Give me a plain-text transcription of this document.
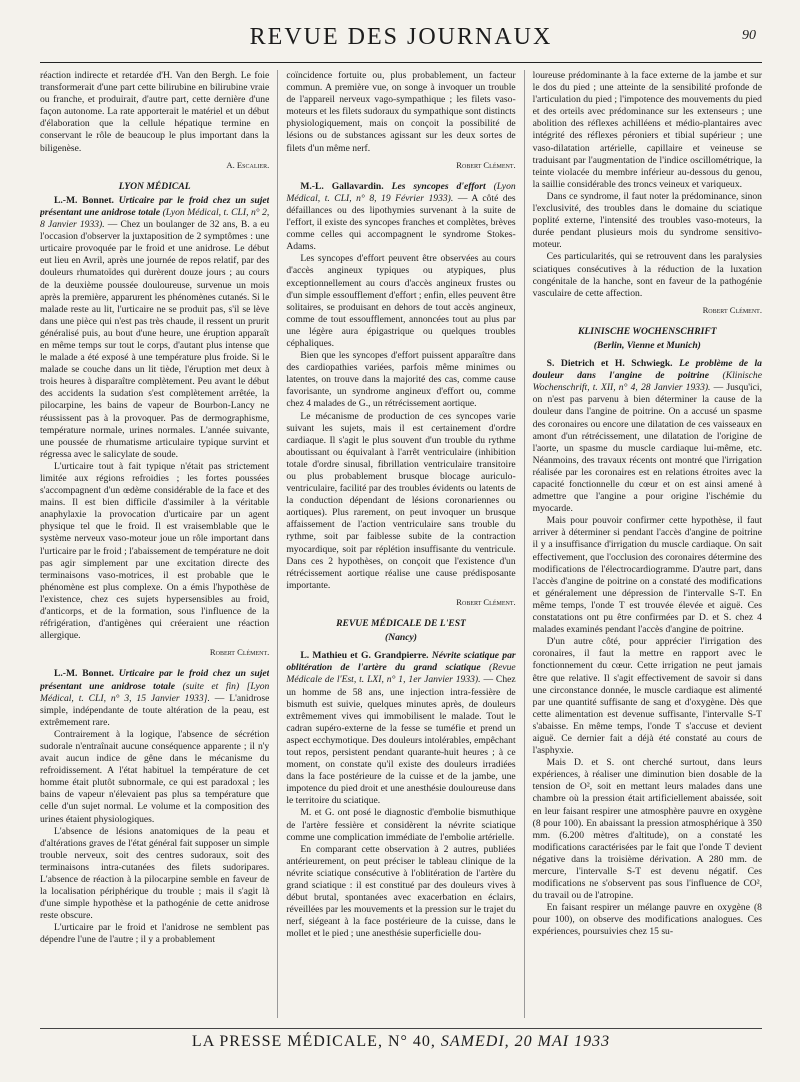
REVUE DES JOURNAUX	90

réaction indirecte et retardée d'H. Van den Bergh. Le foie transformerait d'une part cette bilirubine en bilirubine vraie ou franche, et produirait, d'autre part, cette dernière d'une façon autonome. La rate apporterait le matériel et un début d'élaboration que la cellule hépatique termine en conservant le rôle de beaucoup le plus important dans la biligenèse.

A. Escalier.
LYON MÉDICAL

L.-M. Bonnet. Urticaire par le froid chez un sujet présentant une anidrose totale (Lyon Médical, t. CLI, n° 2, 8 Janvier 1933). — Chez un boulanger de 32 ans, B. a eu l'occasion d'observer la juxtaposition de 2 symptômes : une urticaire provoquée par le froid et une anidrose. Le début eut lieu en Avril, après une journée de repos relatif, par des douleurs rhumatoïdes qui durèrent douze jours ; au cours de la deuxième poussée douloureuse, survenue un mois après la première, apparurent les phénomènes cutanés. Si le malade reste au lit, l'urticaire ne se produit pas, s'il se lève dans une pièce qui n'est pas très chaude, il ressent un prurit généralisé puis, au bout d'une heure, une éruption apparaît en même temps sur tout le corps, d'autant plus intense que le malade a été exposé à une température plus froide. Si le malade se couche dans un lit tiède, l'éruption met deux à trois heures à disparaître complètement. Peu avant le début des accidents la sudation s'est complètement arrêtée, la pilocarpine, les bains de vapeur de Bourbon-Lancy ne réussissent pas à la provoquer. Pas de dermographisme, température normale, urines normales. L'année suivante, une poussée de rhumatisme articulaire typique survint et régressa avec le salicylate de soude.

L'urticaire tout à fait typique n'était pas strictement limitée aux régions refroidies ; les fortes poussées s'accompagnent d'un œdème considérable de la face et des mains. Il est bien difficile d'assimiler à la véritable anaphylaxie la provocation d'urticaire par un agent physique tel que le froid. Il est vraisemblable que le système nerveux vaso-moteur joue un rôle important dans l'urticaire par le froid ; l'abaissement de température ne doit pas agir simplement par une excitation directe des terminaisons vaso-motrices, il est probable que le phénomène est plus complexe. On a émis l'hypothèse de l'existence, chez ces sujets hypersensibles au froid, d'anticorps, et de la formation, sous l'influence de la réfrigération, d'antigènes qui créeraient une réaction allergique.

Robert Clément.

L.-M. Bonnet. Urticaire par le froid chez un sujet présentant une anidrose totale (suite et fin) [Lyon Médical, t. CLI, n° 3, 15 Janvier 1933]. — L'anidrose simple, indépendante de toute altération de la peau, est extrêmement rare.

Contrairement à la logique, l'absence de sécrétion sudorale n'entraînait aucune conséquence apparente ; il n'y avait aucun indice de gêne dans le mécanisme du refroidissement. A l'état habituel la température de cet homme était plutôt subnormale, ce qui est paradoxal ; les bains de vapeur n'élevaient pas plus sa température que celle d'un sujet normal. Le volume et la composition des urines étaient physiologiques.

L'absence de lésions anatomiques de la peau et d'altérations graves de l'état général fait supposer un simple trouble nerveux, soit des centres sudoraux, soit des terminaisons intra-cutanées des filets sudoripares. L'absence de réaction à la pilocarpine semble en faveur de la localisation périphérique du trouble ; mais il s'agit là d'une simple hypothèse et la pathogénie de cette anidrose reste obscure.

L'urticaire par le froid et l'anidrose ne semblent pas dépendre l'une de l'autre ; il y a probablement

coïncidence fortuite ou, plus probablement, un facteur commun. A première vue, on songe à invoquer un trouble de l'appareil nerveux vago-sympathique ; les filets vaso-moteurs et les filets sudoraux du sympathique sont distincts physiologiquement, mais on conçoit la possibilité de lésions ou de substances agissant sur les deux sortes de filets d'un même nerf.

Robert Clément.

M.-L. Gallavardin. Les syncopes d'effort (Lyon Médical, t. CLI, n° 8, 19 Février 1933). — A côté des défaillances ou des lipothymies survenant à la suite de l'effort, il existe des syncopes franches et complètes, brèves comme celles qui accompagnent le syndrome Stokes-Adams.

Les syncopes d'effort peuvent être observées au cours d'accès angineux typiques ou atypiques, plus exceptionnellement au cours d'accès angineux frustes ou d'un simple essoufflement d'effort ; enfin, elles peuvent être solitaires, se produisant en dehors de tout accès angineux, comme de tout essoufflement, annoncées tout au plus par une légère aura épigastrique ou quelques troubles céphaliques.

Bien que les syncopes d'effort puissent apparaître dans des cardiopathies variées, parfois même minimes ou latentes, on trouve dans la majorité des cas, comme cause favorisante, un syndrome angineux d'effort ou, comme chez 4 malades de G., un rétrécissement aortique.

Le mécanisme de production de ces syncopes varie suivant les sujets, mais il est certainement d'ordre cardiaque. Il s'agit le plus souvent d'un trouble du rythme aboutissant ou équivalant à l'arrêt ventriculaire (inhibition totale d'ordre sinusal, fibrillation ventriculaire transitoire ou plus probablement brusque blocage auriculo-ventriculaire, facilité par des troubles évidents ou latents de la conduction dépendant de lésions coronariennes ou aortiques). Plus rarement, on peut invoquer un brusque affaissement de l'action ventriculaire sans trouble du rythme, soit par faiblesse subite de la contraction myocardique, soit par réplétion insuffisante du ventricule. Dans ces 2 hypothèses, on conçoit que l'existence d'un rétrécissement aortique réalise une cause prédisposante importante.

Robert Clément.
REVUE MÉDICALE DE L'EST
(Nancy)

L. Mathieu et G. Grandpierre. Névrite sciatique par oblitération de l'artère du grand sciatique (Revue Médicale de l'Est, t. LXI, n° 1, 1er Janvier 1933). — Chez un homme de 58 ans, une injection intra-fessière de bismuth est suivie, quelques minutes après, de douleurs extrêmement vives qui immobilisent le malade. Tout le cadran supéro-externe de la fesse se tuméfie et prend un aspect ecchymotique. Des douleurs intolérables, empêchant tout repos, persistent pendant quarante-huit heures ; à ce moment, on constate qu'il existe des douleurs irradiées dans la face postérieure de la cuisse et de la jambe, une impotence du pied droit et une anesthésie douloureuse dans le territoire du sciatique.

M. et G. ont posé le diagnostic d'embolie bismuthique de l'artère fessière et considèrent la névrite sciatique comme une complication immédiate de l'embolie artérielle.

En comparant cette observation à 2 autres, publiées antérieurement, on peut préciser le tableau clinique de la névrite sciatique consécutive à l'oblitération de l'artère du grand sciatique : il est constitué par des douleurs vives à début brutal, spontanées avec exacerbation en éclairs, réveillées par les mouvements et la pression sur le trajet du nerf, siégeant à la face postérieure de la cuisse, dans le mollet et le pied ; une anesthésie superficielle dou-

loureuse prédominante à la face externe de la jambe et sur le dos du pied ; une atteinte de la sensibilité profonde de l'articulation du pied ; l'impotence des mouvements du pied et des orteils avec prédominance sur les extenseurs ; une abolition des réflexes achilléens et médio-plantaires avec intégrité des réflexes péroniers et tibial supérieur ; une vaso-dilatation artérielle, capillaire et veineuse se traduisant par l'augmentation de l'indice oscillométrique, la teinte violacée du membre inférieur au-dessous du genou, la saillie considérable des troncs veineux et variqueux.

Dans ce syndrome, il faut noter la prédominance, sinon l'exclusivité, des troubles dans le domaine du sciatique poplité externe, l'intensité des troubles vaso-moteurs, la durée pendant plusieurs mois du syndrome sensitivo-moteur.

Ces particularités, qui se retrouvent dans les paralysies sciatiques consécutives à la réduction de la luxation congénitale de la hanche, sont en faveur de la pathogénie vasculaire de cette affection.

Robert Clément.
KLINISCHE WOCHENSCHRIFT
(Berlin, Vienne et Munich)

S. Dietrich et H. Schwiegk. Le problème de la douleur dans l'angine de poitrine (Klinische Wochenschrift, t. XII, n° 4, 28 Janvier 1933). — Jusqu'ici, on n'est pas parvenu à bien déterminer la cause de la douleur dans l'angine de poitrine. On a accusé un spasme des coronaires ou encore une dilatation de ces vaisseaux en amont d'un rétrécissement, une dilatation de l'origine de l'aorte, un spasme du muscle cardiaque lui-même, etc. Néanmoins, des travaux récents ont montré que l'irrigation réalisée par les coronaires est en relations étroites avec la capacité fonctionnelle du cœur et on est ainsi amené à admettre que l'angine a pour origine l'ischémie du myocarde.

Mais pour pouvoir confirmer cette hypothèse, il faut arriver à déterminer si pendant l'accès d'angine de poitrine il y a insuffisance d'irrigation du muscle cardiaque. On sait effectivement, que l'occlusion des coronaires détermine des modifications de l'électrocardiogramme. D'autre part, dans l'accès d'angine de poitrine on a constaté des modifications et généralement une dépression de l'intervalle S-T. En même temps, l'onde T est trouvée élevée et aiguë. Ces constatations ont pu être confirmées par D. et S. chez 4 malades examinés pendant l'accès d'angine de poitrine.

D'un autre côté, pour apprécier l'irrigation des coronaires, il faut la mettre en rapport avec le fonctionnement du cœur. Cette irrigation ne peut jamais être que relative. Il s'agit effectivement de savoir si dans une circonstance donnée, le muscle cardiaque est alimenté par une quantité suffisante de sang et d'oxygène. Dès que cette alimentation est devenue suffisante, l'intervalle S-T s'abaisse. En même temps, l'onde T s'accuse et devient aiguë. Ce dernier fait a déjà été constaté au cours de l'asphyxie.

Mais D. et S. ont cherché surtout, dans leurs expériences, à réaliser une diminution bien dosable de la tension de O², soit en mettant leurs malades dans une chambre où la pression était artificiellement abaissée, soit en leur faisant respirer une atmosphère pauvre en oxygène (8 pour 100). En abaissant la pression atmosphérique à 350 mm. (6.200 mètres d'altitude), on a constaté les modifications caractérisées par le fait que l'onde T devient négative dans la troisième dérivation. A 280 mm. de mercure, l'intervalle S-T est devenu négatif. Ces modifications ne s'observent pas sous l'influence de CO², du travail ou de l'atropine.

En faisant respirer un mélange pauvre en oxygène (8 pour 100), on observe des modifications analogues. Ces expériences, poursuivies chez 15 su-

LA PRESSE MÉDICALE, N° 40, SAMEDI, 20 MAI 1933
